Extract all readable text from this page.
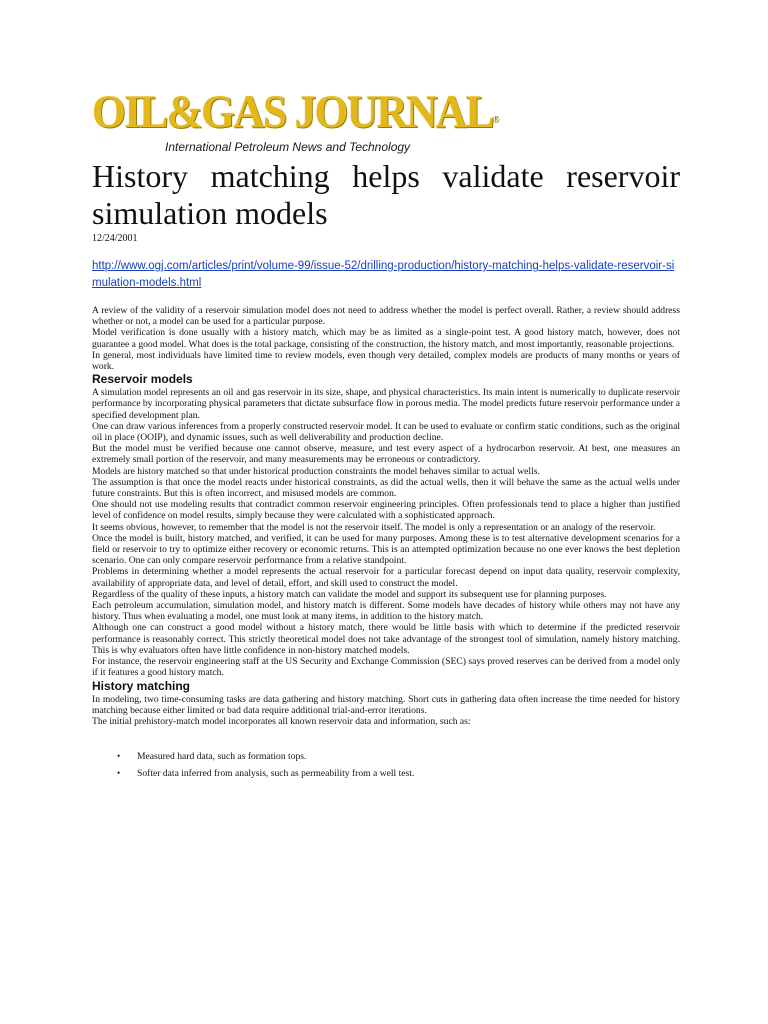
OIL&GAS JOURNAL®
International Petroleum News and Technology
History matching helps validate reservoir simulation models
12/24/2001
http://www.ogj.com/articles/print/volume-99/issue-52/drilling-production/history-matching-helps-validate-reservoir-simulation-models.html

A review of the validity of a reservoir simulation model does not need to address whether the model is perfect overall. Rather, a review should address whether or not, a model can be used for a particular purpose.

Model verification is done usually with a history match, which may be as limited as a single-point test. A good history match, however, does not guarantee a good model. What does is the total package, consisting of the construction, the history match, and most importantly, reasonable projections.

In general, most individuals have limited time to review models, even though very detailed, complex models are products of many months or years of work.

Reservoir models

A simulation model represents an oil and gas reservoir in its size, shape, and physical characteristics. Its main intent is numerically to duplicate reservoir performance by incorporating physical parameters that dictate subsurface flow in porous media. The model predicts future reservoir performance under a specified development plan.

One can draw various inferences from a properly constructed reservoir model. It can be used to evaluate or confirm static conditions, such as the original oil in place (OOIP), and dynamic issues, such as well deliverability and production decline.

But the model must be verified because one cannot observe, measure, and test every aspect of a hydrocarbon reservoir. At best, one measures an extremely small portion of the reservoir, and many measurements may be erroneous or contradictory.

Models are history matched so that under historical production constraints the model behaves similar to actual wells.

The assumption is that once the model reacts under historical constraints, as did the actual wells, then it will behave the same as the actual wells under future constraints. But this is often incorrect, and misused models are common.

One should not use modeling results that contradict common reservoir engineering principles. Often professionals tend to place a higher than justified level of confidence on model results, simply because they were calculated with a sophisticated approach.

It seems obvious, however, to remember that the model is not the reservoir itself. The model is only a representation or an analogy of the reservoir.

Once the model is built, history matched, and verified, it can be used for many purposes. Among these is to test alternative development scenarios for a field or reservoir to try to optimize either recovery or economic returns. This is an attempted optimization because no one ever knows the best depletion scenario. One can only compare reservoir performance from a relative standpoint.

Problems in determining whether a model represents the actual reservoir for a particular forecast depend on input data quality, reservoir complexity, availability of appropriate data, and level of detail, effort, and skill used to construct the model.

Regardless of the quality of these inputs, a history match can validate the model and support its subsequent use for planning purposes.

Each petroleum accumulation, simulation model, and history match is different. Some models have decades of history while others may not have any history. Thus when evaluating a model, one must look at many items, in addition to the history match.

Although one can construct a good model without a history match, there would be little basis with which to determine if the predicted reservoir performance is reasonably correct. This strictly theoretical model does not take advantage of the strongest tool of simulation, namely history matching. This is why evaluators often have little confidence in non-history matched models.

For instance, the reservoir engineering staff at the US Security and Exchange Commission (SEC) says proved reserves can be derived from a model only if it features a good history match.

History matching

In modeling, two time-consuming tasks are data gathering and history matching. Short cuts in gathering data often increase the time needed for history matching because either limited or bad data require additional trial-and-error iterations.

The initial prehistory-match model incorporates all known reservoir data and information, such as:

• Measured hard data, such as formation tops.
• Softer data inferred from analysis, such as permeability from a well test.
